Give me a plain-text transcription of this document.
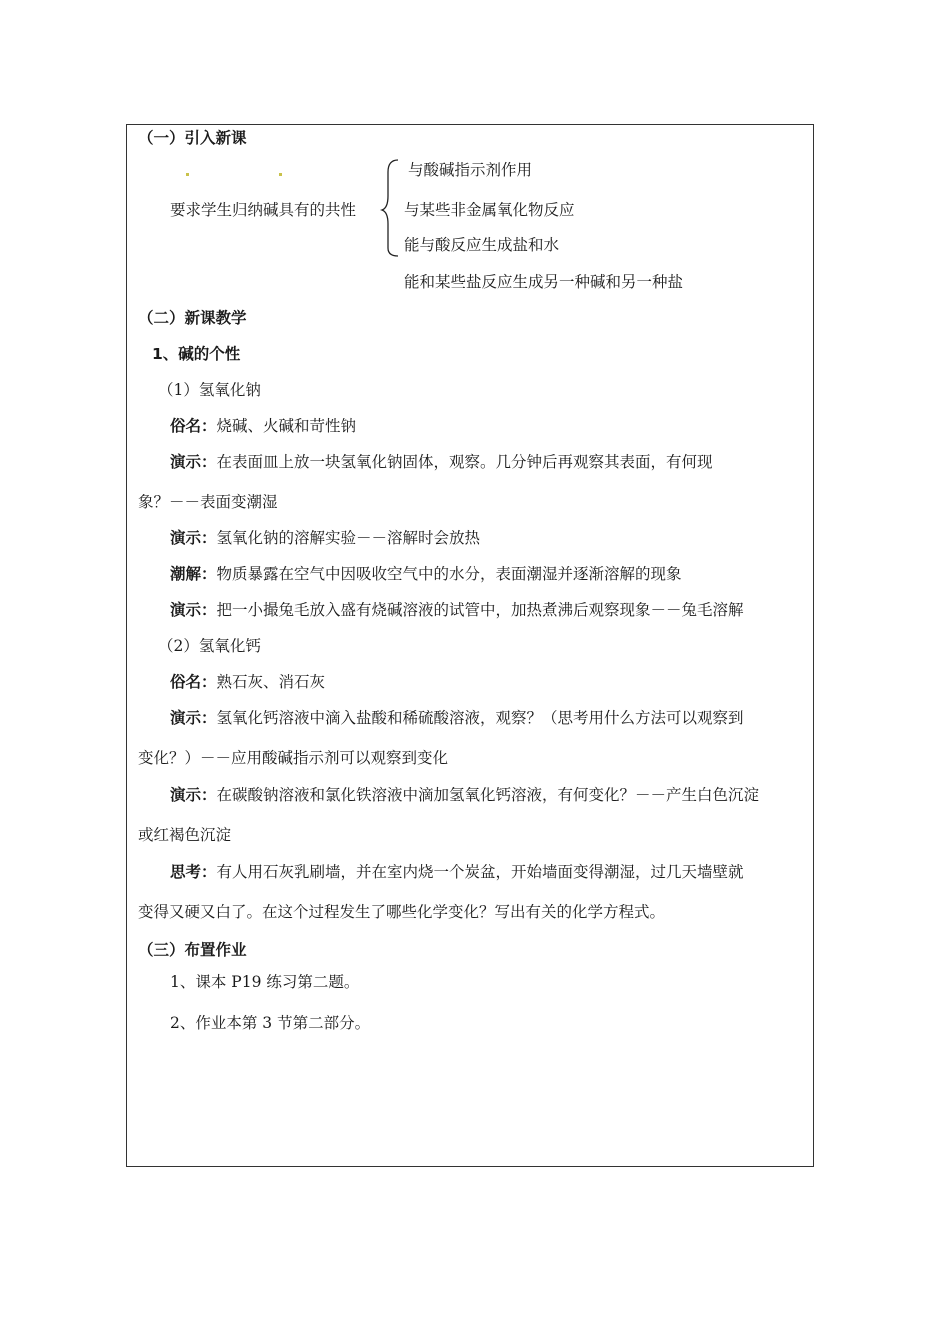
（一）引入新课
要求学生归纳碱具有的共性
与酸碱指示剂作用
与某些非金属氧化物反应
能与酸反应生成盐和水
能和某些盐反应生成另一种碱和另一种盐
（二）新课教学
1、碱的个性
（1）氢氧化钠
俗名：烧碱、火碱和苛性钠
演示：在表面皿上放一块氢氧化钠固体，观察。几分钟后再观察其表面，有何现
象？－－表面变潮湿
演示：氢氧化钠的溶解实验－－溶解时会放热
潮解：物质暴露在空气中因吸收空气中的水分，表面潮湿并逐渐溶解的现象
演示：把一小撮兔毛放入盛有烧碱溶液的试管中，加热煮沸后观察现象－－兔毛溶解
（2）氢氧化钙
俗名：熟石灰、消石灰
演示：氢氧化钙溶液中滴入盐酸和稀硫酸溶液，观察？（思考用什么方法可以观察到
变化？）－－应用酸碱指示剂可以观察到变化
演示：在碳酸钠溶液和氯化铁溶液中滴加氢氧化钙溶液，有何变化？－－产生白色沉淀
或红褐色沉淀
思考：有人用石灰乳刷墙，并在室内烧一个炭盆，开始墙面变得潮湿，过几天墙壁就
变得又硬又白了。在这个过程发生了哪些化学变化？写出有关的化学方程式。
（三）布置作业
1、课本 P19 练习第二题。
2、作业本第 3 节第二部分。
